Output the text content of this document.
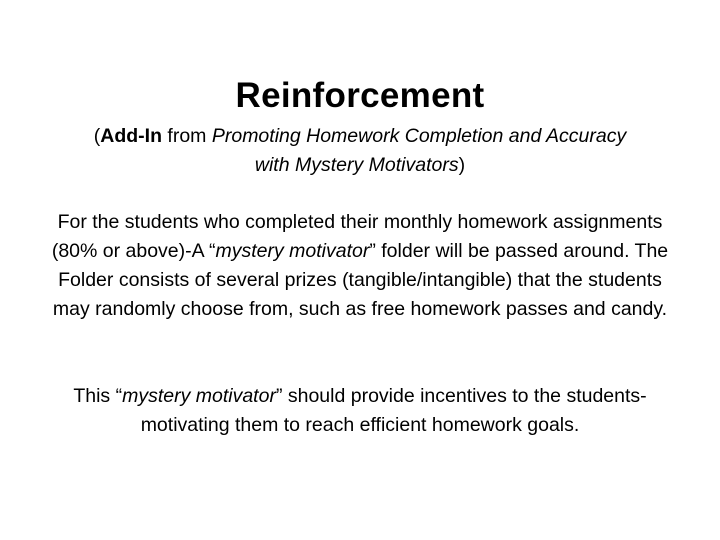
Reinforcement

(Add-In from Promoting Homework Completion and Accuracy
with Mystery Motivators)

For the students who completed their monthly homework assignments (80% or above)-A “mystery motivator” folder will be passed around. The Folder consists of several prizes (tangible/intangible) that the students may randomly choose from, such as free homework passes and candy.

This “mystery motivator” should provide incentives to the students-motivating them to reach efficient homework goals.
